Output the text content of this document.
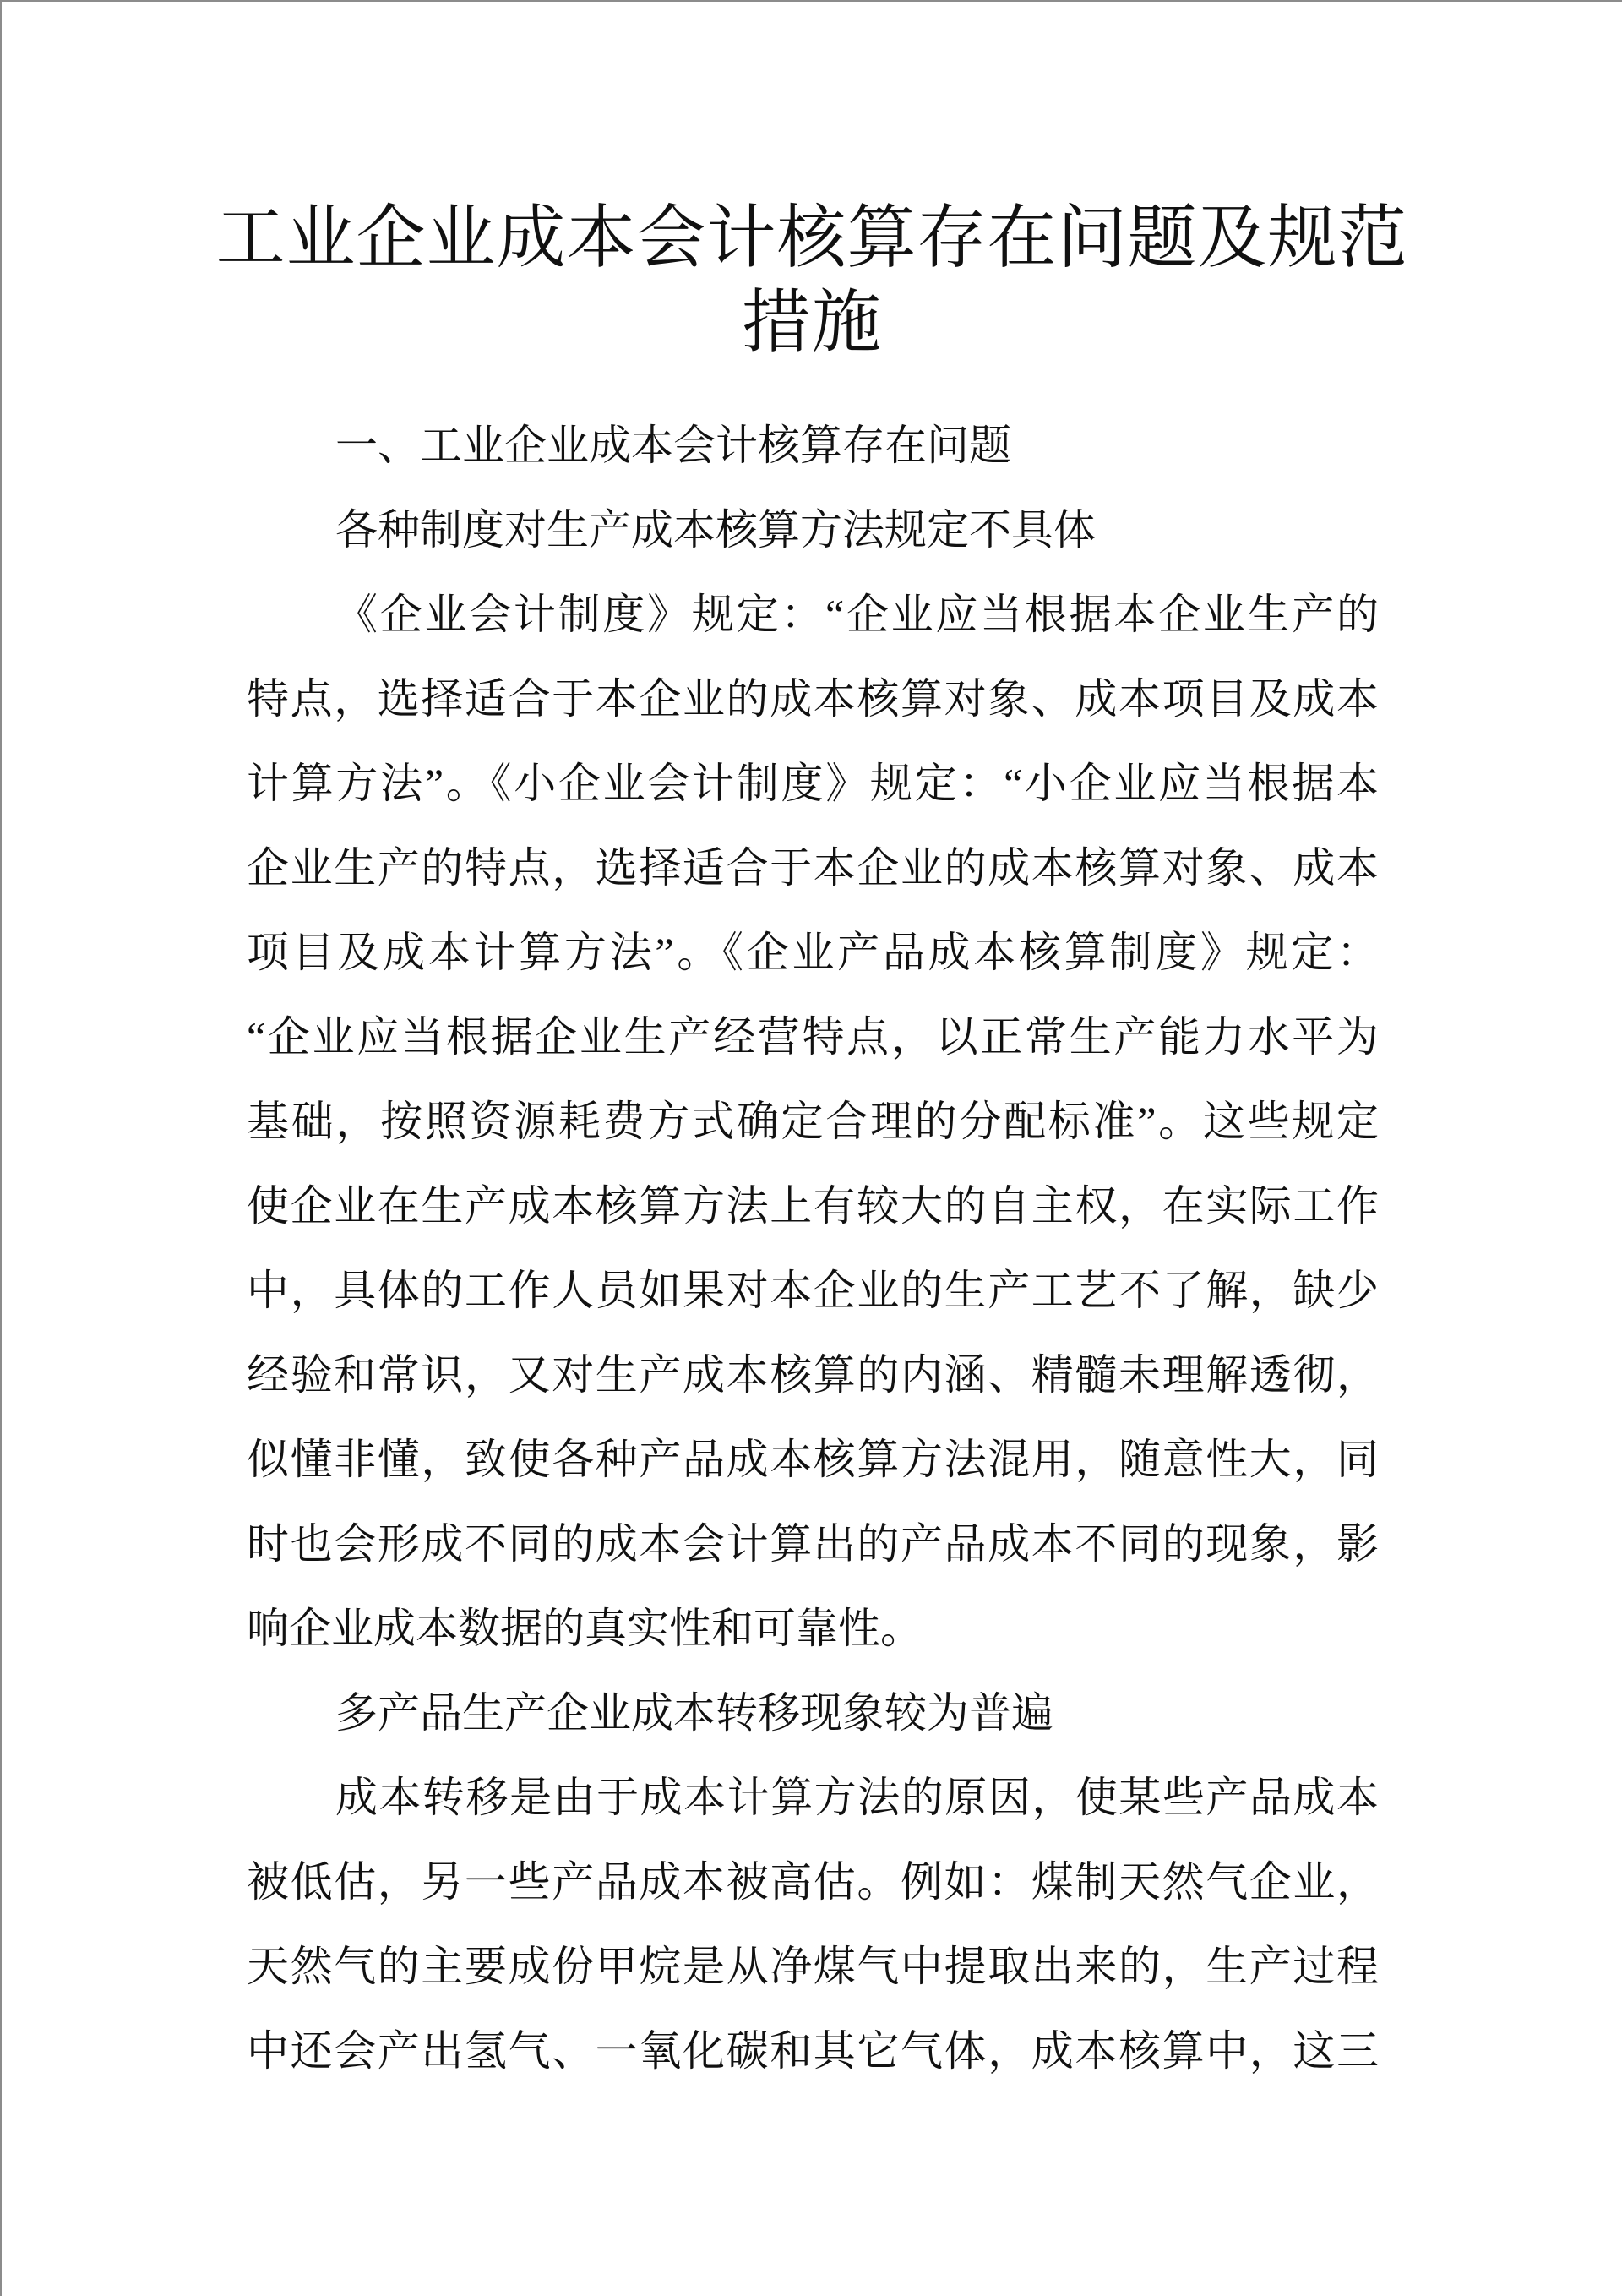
工业企业成本会计核算存在问题及规范
措施
一、工业企业成本会计核算存在问题
各种制度对生产成本核算方法规定不具体
《企业会计制度》规定：“企业应当根据本企业生产的
特点，选择适合于本企业的成本核算对象、成本项目及成本
计算方法”。《小企业会计制度》规定：“小企业应当根据本
企业生产的特点，选择适合于本企业的成本核算对象、成本
项目及成本计算方法”。《企业产品成本核算制度》规定：
“企业应当根据企业生产经营特点，以正常生产能力水平为
基础，按照资源耗费方式确定合理的分配标准”。这些规定
使企业在生产成本核算方法上有较大的自主权，在实际工作
中，具体的工作人员如果对本企业的生产工艺不了解，缺少
经验和常识，又对生产成本核算的内涵、精髓未理解透彻，
似懂非懂，致使各种产品成本核算方法混用，随意性大，同
时也会形成不同的成本会计算出的产品成本不同的现象，影
响企业成本数据的真实性和可靠性。
多产品生产企业成本转移现象较为普遍
成本转移是由于成本计算方法的原因，使某些产品成本
被低估，另一些产品成本被高估。例如：煤制天然气企业，
天然气的主要成份甲烷是从净煤气中提取出来的，生产过程
中还会产出氢气、一氧化碳和其它气体，成本核算中，这三
